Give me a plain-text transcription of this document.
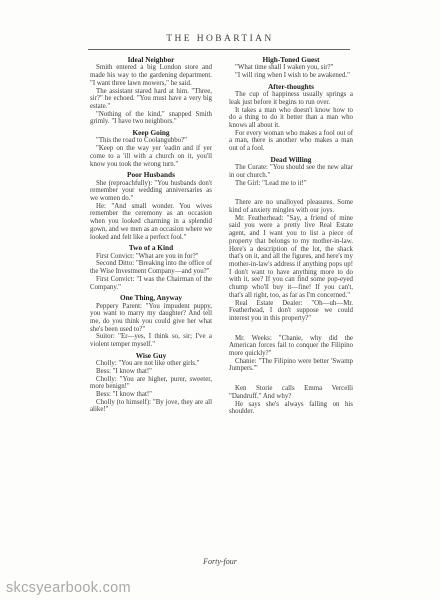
THE HOBARTIAN
Ideal Neighbor

Smith entered a big London store and made his way to the gardening department. "I want three lawn mowers," he said.

The assistant stared hard at him. "Three, sir?" he echoed. "You must have a very big estate."

"Nothing of the kind," snapped Smith grimly. "I have two neighbors."

Keep Going

"This the road to Coolangubbo?"

"Keep on the way yer 'eadin and if yer come to a 'ill with a church on it, you'll know you took the wrong turn."

Poor Husbands

She (reproachfully): "You husbands don't remember your wedding anniversaries as we women do."

He: "And small wonder. You wives remember the ceremony as an occasion when you looked charming in a splendid gown, and we men as an occasion where we looked and felt like a perfect fool."

Two of a Kind

First Convict: "What are you in for?"

Second Ditto: "Breaking into the office of the Wise Investment Company—and you?"

First Convict: "I was the Chairman of the Company."

One Thing, Anyway

Peppery Parent: "You impudent puppy, you want to marry my daughter? And tell me, do you think you could give her what she's been used to?"

Suitor: "Er—yes, I think so, sir; I've a violent temper myself."

Wise Guy

Cholly: "You are not like other girls."

Bess: "I know that!"

Cholly: "You are higher, purer, sweeter, more benign!"

Bess: "I know that!"

Cholly (to himself): "By jove, they are all alike!"

High-Toned Guest

"What time shall I waken you, sir?"

"I will ring when I wish to be awakened."

After-thoughts

The cup of happiness usually springs a leak just before it begins to run over.

It takes a man who doesn't know how to do a thing to do it better than a man who knows all about it.

For every woman who makes a fool out of a man, there is another who makes a man out of a fool.

Dead Willing

The Curate: "You should see the new altar in our church."

The Girl: "Lead me to it!"

There are no unalloyed pleasures. Some kind of anxiety mingles with our joys.

Mr. Featherhead: "Say, a friend of mine said you were a pretty live Real Estate agent, and I want you to list a piece of property that belongs to my mother-in-law. Here's a description of the lot, the shack that's on it, and all the figures, and here's my mother-in-law's address if anything pops up! I don't want to have anything more to do with it, see? If you can find some pop-eyed chump who'll buy it—fine! If you can't, that's all right, too, as far as I'm concerned."

Real Estate Dealer: "Oh—uh—Mr. Featherhead, I don't suppose we could interest you in this property?"

Mr. Weeks: "Chanie, why did the American forces fail to conquer the Filipino more quickly?"

Chanie: "The Filipino were better 'Swamp Jumpers.'"

Ken Storie calls Emma Vercelli "Dandruff." And why?

He says she's always falling on his shoulder.

Forty-four
skcsyearbook.com
